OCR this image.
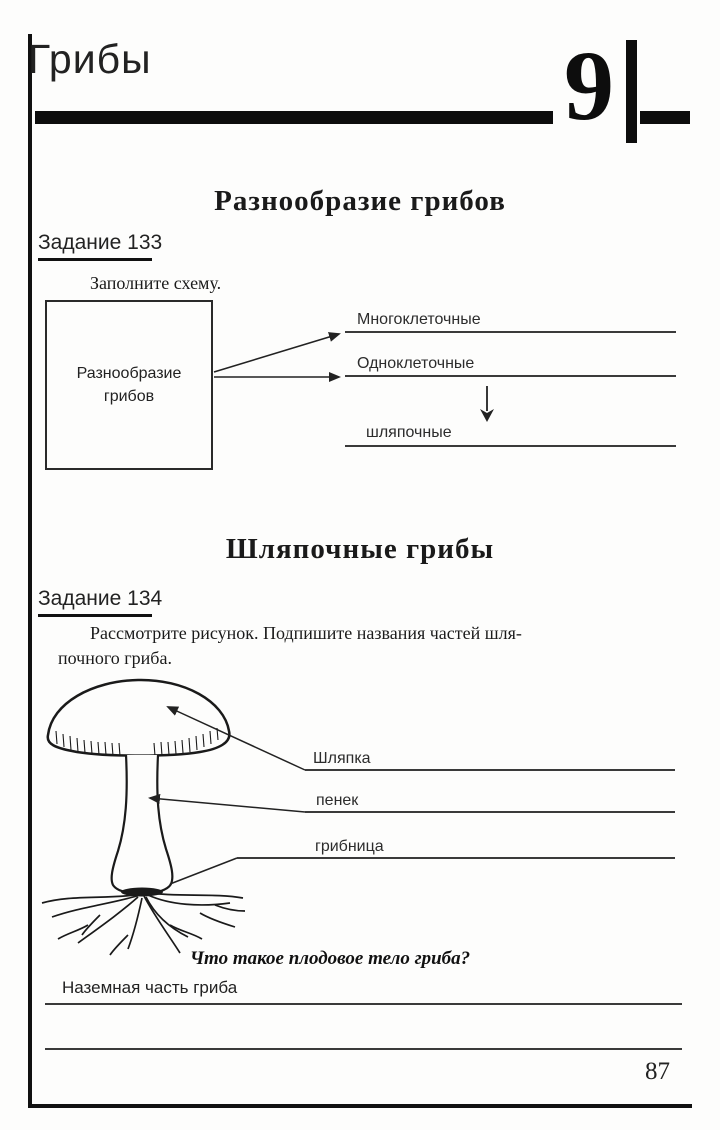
Грибы	9
Разнообразие грибов
Задание 133
Заполните схему.
Разнообразие
грибов
Многоклеточные
Одноклеточные
шляпочные
Шляпочные грибы
Задание 134
Рассмотрите рисунок. Подпишите названия частей шля-
почного гриба.
Шляпка
пенек
грибница
Что такое плодовое тело гриба?
Наземная часть гриба
87
